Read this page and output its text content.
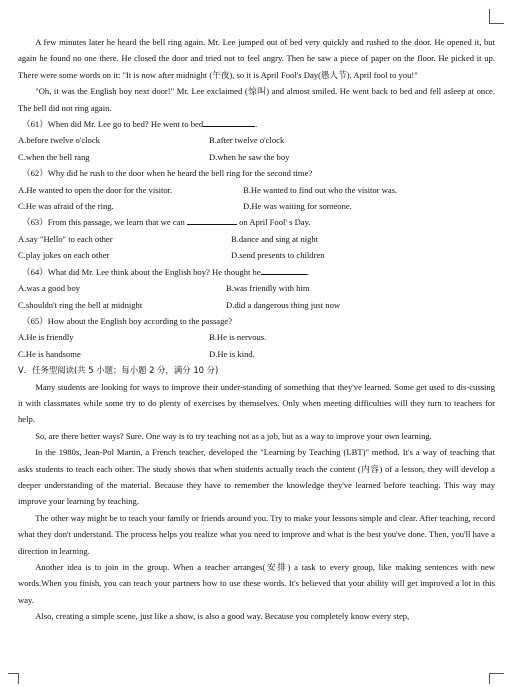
A few minutes later he heard the bell ring again. Mr. Lee jumped out of bed very quickly and rushed to the door. He opened it, but again he found no one there. He closed the door and tried not to feel angry. Then he saw a piece of paper on the floor. He picked it up. There were some words on it: "It is now after midnight (午夜), so it is April Fool's Day(愚人节). April fool to you!"

"Oh, it was the English boy next door!" Mr. Lee exclaimed (惊叫) and almost smiled. He went back to bed and fell asleep at once. The bell did not ring again.

（61）When did Mr. Lee go to bed? He went to bed	.

A.before twelve o'clock	B.after twelve o'clock
C.when the bell rang	D.when he saw the boy

（62）Why did he rush to the door when he heard the bell ring for the second time?

A.He wanted to open the door for the visitor.	B.He wanted to find out who the visitor was.
C.He was afraid of the ring.	D.He was waiting for someone.

（63）From this passage, we learn that we can	on April Fool' s Day.

A.say "Hello" to each other	B.dance and sing at night
C.play jokes on each other	D.send presents to children

（64）What did Mr. Lee think about the English boy? He thought he	.

A.was a good boy	B.was friendly with him
C.shouldn't ring the bell at midnight	D.did a dangerous thing just now

（65）How about the English boy according to the passage?

A.He is friendly	B.He is nervous.
C.He is handsome	D.He is kind.

V．任务型阅读(共 5 小题；每小题 2 分，满分 10 分)

Many students are looking for ways to improve their under-standing of something that they've learned. Some get used to dis-cussing it with classmates while some try to do plenty of exercises by themselves. Only when meeting difficulties will they turn to teachers for help.

So, are there better ways? Sure. One way is to try teaching not as a job, but as a way to improve your own learning.

In the 1980s, Jean-Pol Martin, a French teacher, developed the "Learning by Teaching (LBT)" method. It's a way of teaching that asks students to teach each other. The study shows that when students actually teach the content (内容) of a lesson, they will develop a deeper understanding of the material. Because they have to remember the knowledge they've learned before teaching. This way may improve your learning by teaching.

The other way might be to teach your family or friends around you. Try to make your lessons simple and clear. After teaching, record what they don't understand. The process helps you realize what you need to improve and what is the best you've done. Then, you'll have a direction in learning.

Another idea is to join in the group. When a teacher arranges(安排) a task to every group, like making sentences with new words.When you finish, you can teach your partners how to use these words. It's believed that your ability will get improved a lot in this way.

Also, creating a simple scene, just like a show, is also a good way. Because you completely know every step,
